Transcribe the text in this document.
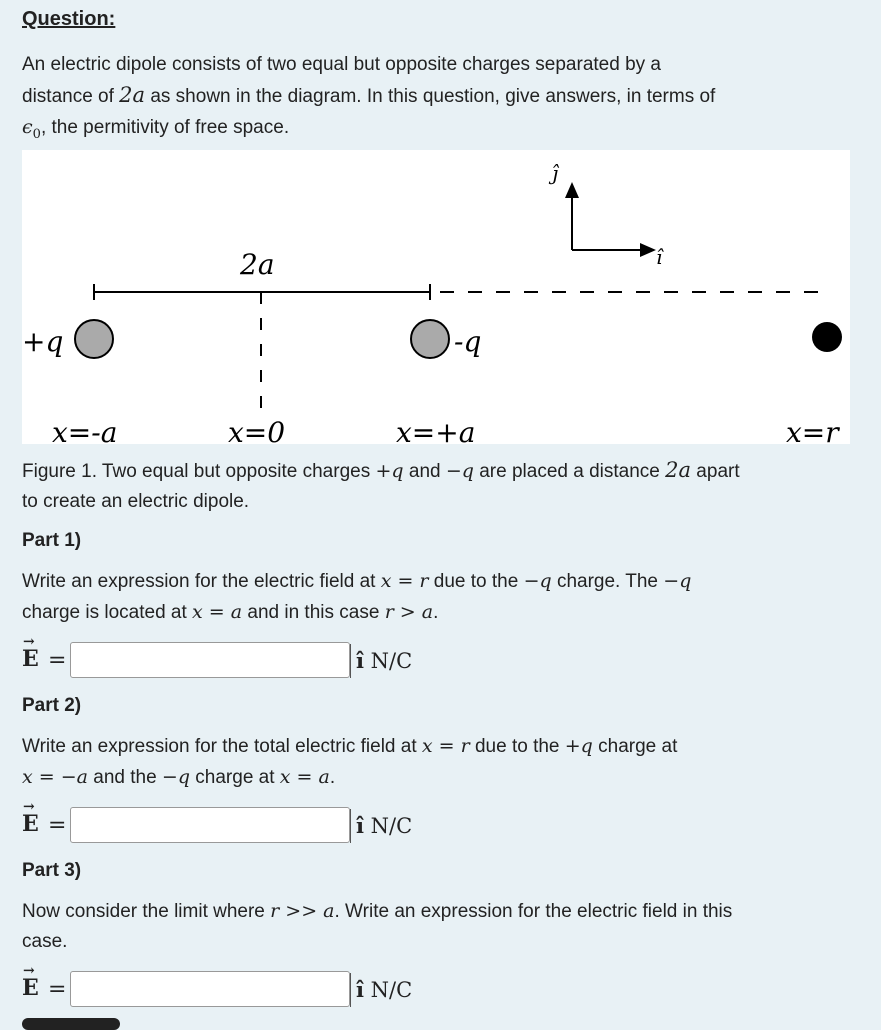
Question:
An electric dipole consists of two equal but opposite charges separated by a
distance of 2a as shown in the diagram. In this question, give answers, in terms of
$\epsilon_0$, the permitivity of free space.
ĵ
î
2a
+q	-q
x=-a	x=0	x=+a	x=r
Figure 1. Two equal but opposite charges +q and −q are placed a distance 2a apart
to create an electric dipole.
Part 1)
Write an expression for the electric field at x = r due to the −q charge. The −q
charge is located at x = a and in this case r > a.
→
E =	î N/C
Part 2)
Write an expression for the total electric field at x = r due to the +q charge at
x = −a and the −q charge at x = a.
→
E =	î N/C
Part 3)
Now consider the limit where r >> a. Write an expression for the electric field in this
case.
→
E =	î N/C
